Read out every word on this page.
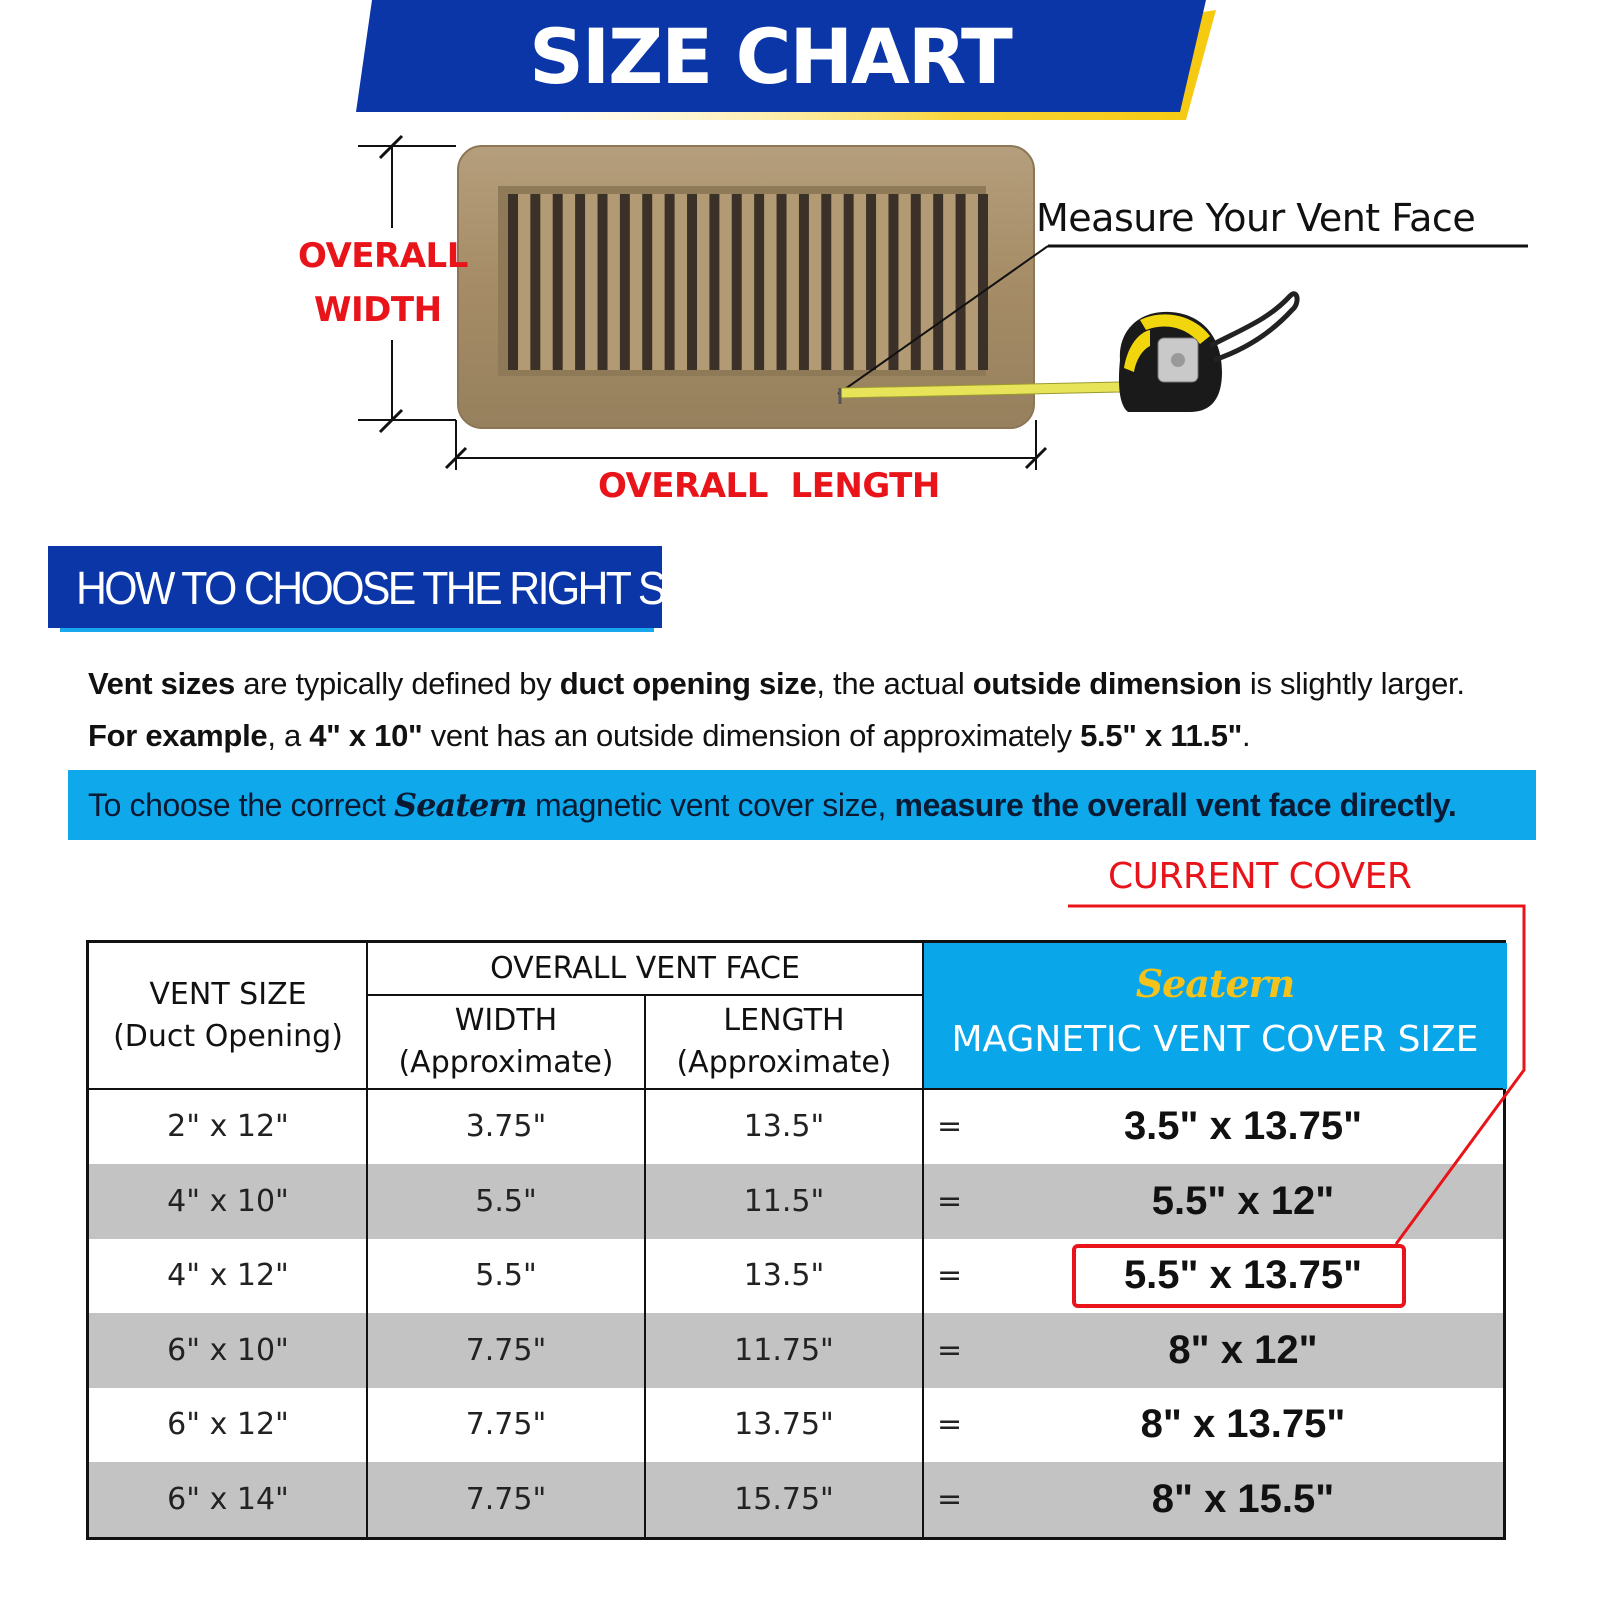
SIZE CHART
OVERALL
WIDTH
OVERALL  LENGTH
Measure Your Vent Face
HOW TO CHOOSE THE RIGHT SIZE
Vent sizes are typically defined by duct opening size, the actual outside dimension is slightly larger.
For example, a 4" x 10" vent has an outside dimension of approximately 5.5" x 11.5".
To choose the correct Seatern magnetic vent cover size, measure the overall vent face directly.
CURRENT COVER
VENT SIZE
(Duct Opening)
OVERALL VENT FACE
WIDTH
(Approximate)
LENGTH
(Approximate)
Seatern
MAGNETIC VENT COVER SIZE
2" x 12"	3.75"	13.5"	=	3.5" x 13.75"
4" x 10"	5.5"	11.5"	=	5.5" x 12"
4" x 12"	5.5"	13.5"	=	5.5" x 13.75"
6" x 10"	7.75"	11.75"	=	8" x 12"
6" x 12"	7.75"	13.75"	=	8" x 13.75"
6" x 14"	7.75"	15.75"	=	8" x 15.5"
